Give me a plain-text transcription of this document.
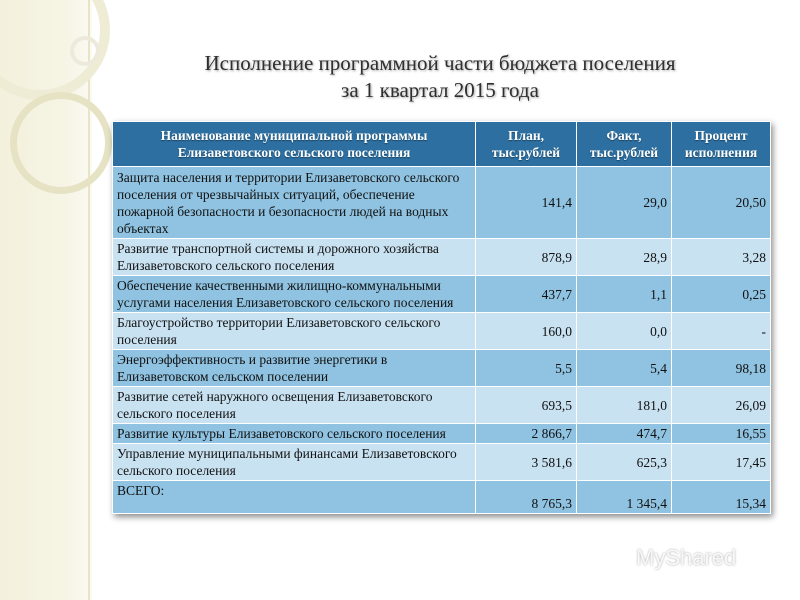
Исполнение программной части бюджета поселения
за 1 квартал 2015 года
Наименование муниципальной программы Елизаветовского сельского поселения	План, тыс.рублей	Факт, тыс.рублей	Процент исполнения
Защита населения и территории Елизаветовского сельского поселения от чрезвычайных ситуаций, обеспечение пожарной безопасности и безопасности людей на водных объектах	141,4	29,0	20,50
Развитие транспортной системы и дорожного хозяйства Елизаветовского сельского поселения	878,9	28,9	3,28
Обеспечение качественными жилищно-коммунальными услугами населения Елизаветовского сельского поселения	437,7	1,1	0,25
Благоустройство территории Елизаветовского сельского поселения	160,0	0,0	-
Энергоэффективность и развитие энергетики в Елизаветовском сельском поселении	5,5	5,4	98,18
Развитие сетей наружного освещения Елизаветовского сельского поселения	693,5	181,0	26,09
Развитие культуры Елизаветовского сельского поселения	2 866,7	474,7	16,55
Управление муниципальными финансами Елизаветовского сельского поселения	3 581,6	625,3	17,45
ВСЕГО:	8 765,3	1 345,4	15,34
MyShared
